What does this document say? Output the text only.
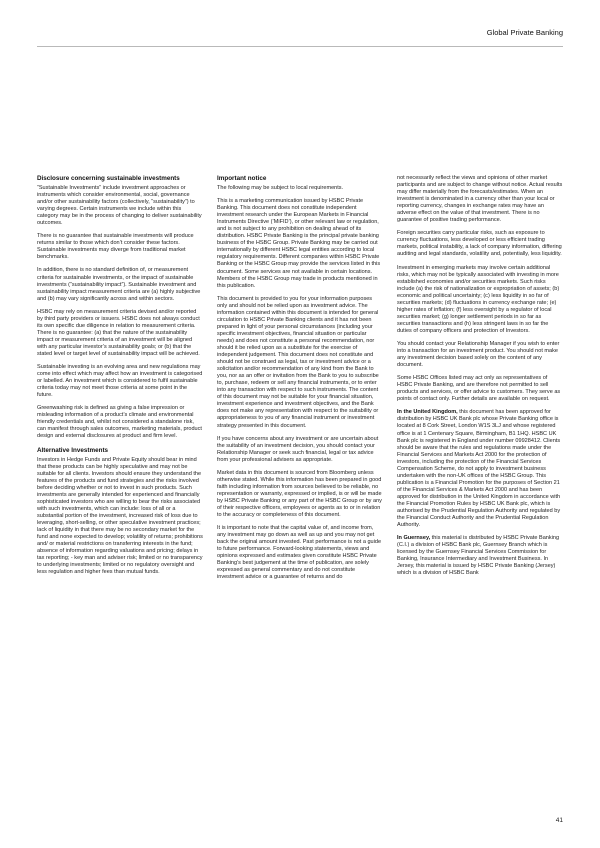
Global Private Banking
Disclosure concerning sustainable investments

“Sustainable Investments” include investment approaches or instruments which consider environmental, social, governance and/or other sustainability factors (collectively, “sustainability”) to varying degrees. Certain instruments we include within this category may be in the process of changing to deliver sustainability outcomes.

There is no guarantee that sustainable investments will produce returns similar to those which don’t consider these factors. Sustainable investments may diverge from traditional market benchmarks.

In addition, there is no standard definition of, or measurement criteria for sustainable investments, or the impact of sustainable investments (“sustainability impact”). Sustainable investment and sustainability impact measurement criteria are (a) highly subjective and (b) may vary significantly across and within sectors.

HSBC may rely on measurement criteria devised and/or reported by third party providers or issuers. HSBC does not always conduct its own specific due diligence in relation to measurement criteria. There is no guarantee: (a) that the nature of the sustainability impact or measurement criteria of an investment will be aligned with any particular investor’s sustainability goals; or (b) that the stated level or target level of sustainability impact will be achieved.

Sustainable investing is an evolving area and new regulations may come into effect which may affect how an investment is categorised or labelled. An investment which is considered to fulfil sustainable criteria today may not meet those criteria at some point in the future.

Greenwashing risk is defined as giving a false impression or misleading information of a product’s climate and environmental friendly credentials and, whilst not considered a standalone risk, can manifest through sales outcomes, marketing materials, product design and external disclosures at product and firm level.

Alternative Investments

Investors in Hedge Funds and Private Equity should bear in mind that these products can be highly speculative and may not be suitable for all clients. Investors should ensure they understand the features of the products and fund strategies and the risks involved before deciding whether or not to invest in such products. Such investments are generally intended for experienced and financially sophisticated investors who are willing to bear the risks associated with such investments, which can include: loss of all or a substantial portion of the investment, increased risk of loss due to leveraging, short-selling, or other speculative investment practices; lack of liquidity in that there may be no secondary market for the fund and none expected to develop; volatility of returns; prohibitions and/ or material restrictions on transferring interests in the fund; absence of information regarding valuations and pricing; delays in tax reporting; - key man and adviser risk; limited or no transparency to underlying investments; limited or no regulatory oversight and less regulation and higher fees than mutual funds.

Important notice

The following may be subject to local requirements.

This is a marketing communication issued by HSBC Private Banking. This document does not constitute independent investment research under the European Markets in Financial Instruments Directive (‘MiFID’), or other relevant law or regulation, and is not subject to any prohibition on dealing ahead of its distribution. HSBC Private Banking is the principal private banking business of the HSBC Group. Private Banking may be carried out internationally by different HSBC legal entities according to local regulatory requirements. Different companies within HSBC Private Banking or the HSBC Group may provide the services listed in this document. Some services are not available in certain locations. Members of the HSBC Group may trade in products mentioned in this publication.

This document is provided to you for your information purposes only and should not be relied upon as investment advice. The information contained within this document is intended for general circulation to HSBC Private Banking clients and it has not been prepared in light of your personal circumstances (including your specific investment objectives, financial situation or particular needs) and does not constitute a personal recommendation, nor should it be relied upon as a substitute for the exercise of independent judgement. This document does not constitute and should not be construed as legal, tax or investment advice or a solicitation and/or recommendation of any kind from the Bank to you, nor as an offer or invitation from the Bank to you to subscribe to, purchase, redeem or sell any financial instruments, or to enter into any transaction with respect to such instruments. The content of this document may not be suitable for your financial situation, investment experience and investment objectives, and the Bank does not make any representation with respect to the suitability or appropriateness to you of any financial instrument or investment strategy presented in this document.

If you have concerns about any investment or are uncertain about the suitability of an investment decision, you should contact your Relationship Manager or seek such financial, legal or tax advice from your professional advisers as appropriate.

Market data in this document is sourced from Bloomberg unless otherwise stated. While this information has been prepared in good faith including information from sources believed to be reliable, no representation or warranty, expressed or implied, is or will be made by HSBC Private Banking or any part of the HSBC Group or by any of their respective officers, employees or agents as to or in relation to the accuracy or completeness of this document.

It is important to note that the capital value of, and income from, any investment may go down as well as up and you may not get back the original amount invested. Past performance is not a guide to future performance. Forward-looking statements, views and opinions expressed and estimates given constitute HSBC Private Banking’s best judgement at the time of publication, are solely expressed as general commentary and do not constitute investment advice or a guarantee of returns and do

not necessarily reflect the views and opinions of other market participants and are subject to change without notice. Actual results may differ materially from the forecasts/estimates. When an investment is denominated in a currency other than your local or reporting currency, changes in exchange rates may have an adverse effect on the value of that investment. There is no guarantee of positive trading performance.

Foreign securities carry particular risks, such as exposure to currency fluctuations, less developed or less efficient trading markets, political instability, a lack of company information, differing auditing and legal standards, volatility and, potentially, less liquidity.

Investment in emerging markets may involve certain additional risks, which may not be typically associated with investing in more established economies and/or securities markets. Such risks include (a) the risk of nationalization or expropriation of assets; (b) economic and political uncertainty; (c) less liquidity in so far of securities markets; (d) fluctuations in currency exchange rate; (e) higher rates of inflation; (f) less oversight by a regulator of local securities market; (g) longer settlement periods in so far as securities transactions and (h) less stringent laws in so far the duties of company officers and protection of Investors.

You should contact your Relationship Manager if you wish to enter into a transaction for an investment product. You should not make any investment decision based solely on the content of any document.

Some HSBC Offices listed may act only as representatives of HSBC Private Banking, and are therefore not permitted to sell products and services, or offer advice to customers. They serve as points of contact only. Further details are available on request.

In the United Kingdom, this document has been approved for distribution by HSBC UK Bank plc whose Private Banking office is located at 8 Cork Street, London W1S 3LJ and whose registered office is at 1 Centenary Square, Birmingham, B1 1HQ. HSBC UK Bank plc is registered in England under number 09928412. Clients should be aware that the rules and regulations made under the Financial Services and Markets Act 2000 for the protection of investors, including the protection of the Financial Services Compensation Scheme, do not apply to investment business undertaken with the non-UK offices of the HSBC Group. This publication is a Financial Promotion for the purposes of Section 21 of the Financial Services & Markets Act 2000 and has been approved for distribution in the United Kingdom in accordance with the Financial Promotion Rules by HSBC UK Bank plc, which is authorised by the Prudential Regulation Authority and regulated by the Financial Conduct Authority and the Prudential Regulation Authority.

In Guernsey, this material is distributed by HSBC Private Banking (C.I.) a division of HSBC Bank plc, Guernsey Branch which is licensed by the Guernsey Financial Services Commission for Banking, Insurance Intermediary and Investment Business. In Jersey, this material is issued by HSBC Private Banking (Jersey) which is a division of HSBC Bank

41
